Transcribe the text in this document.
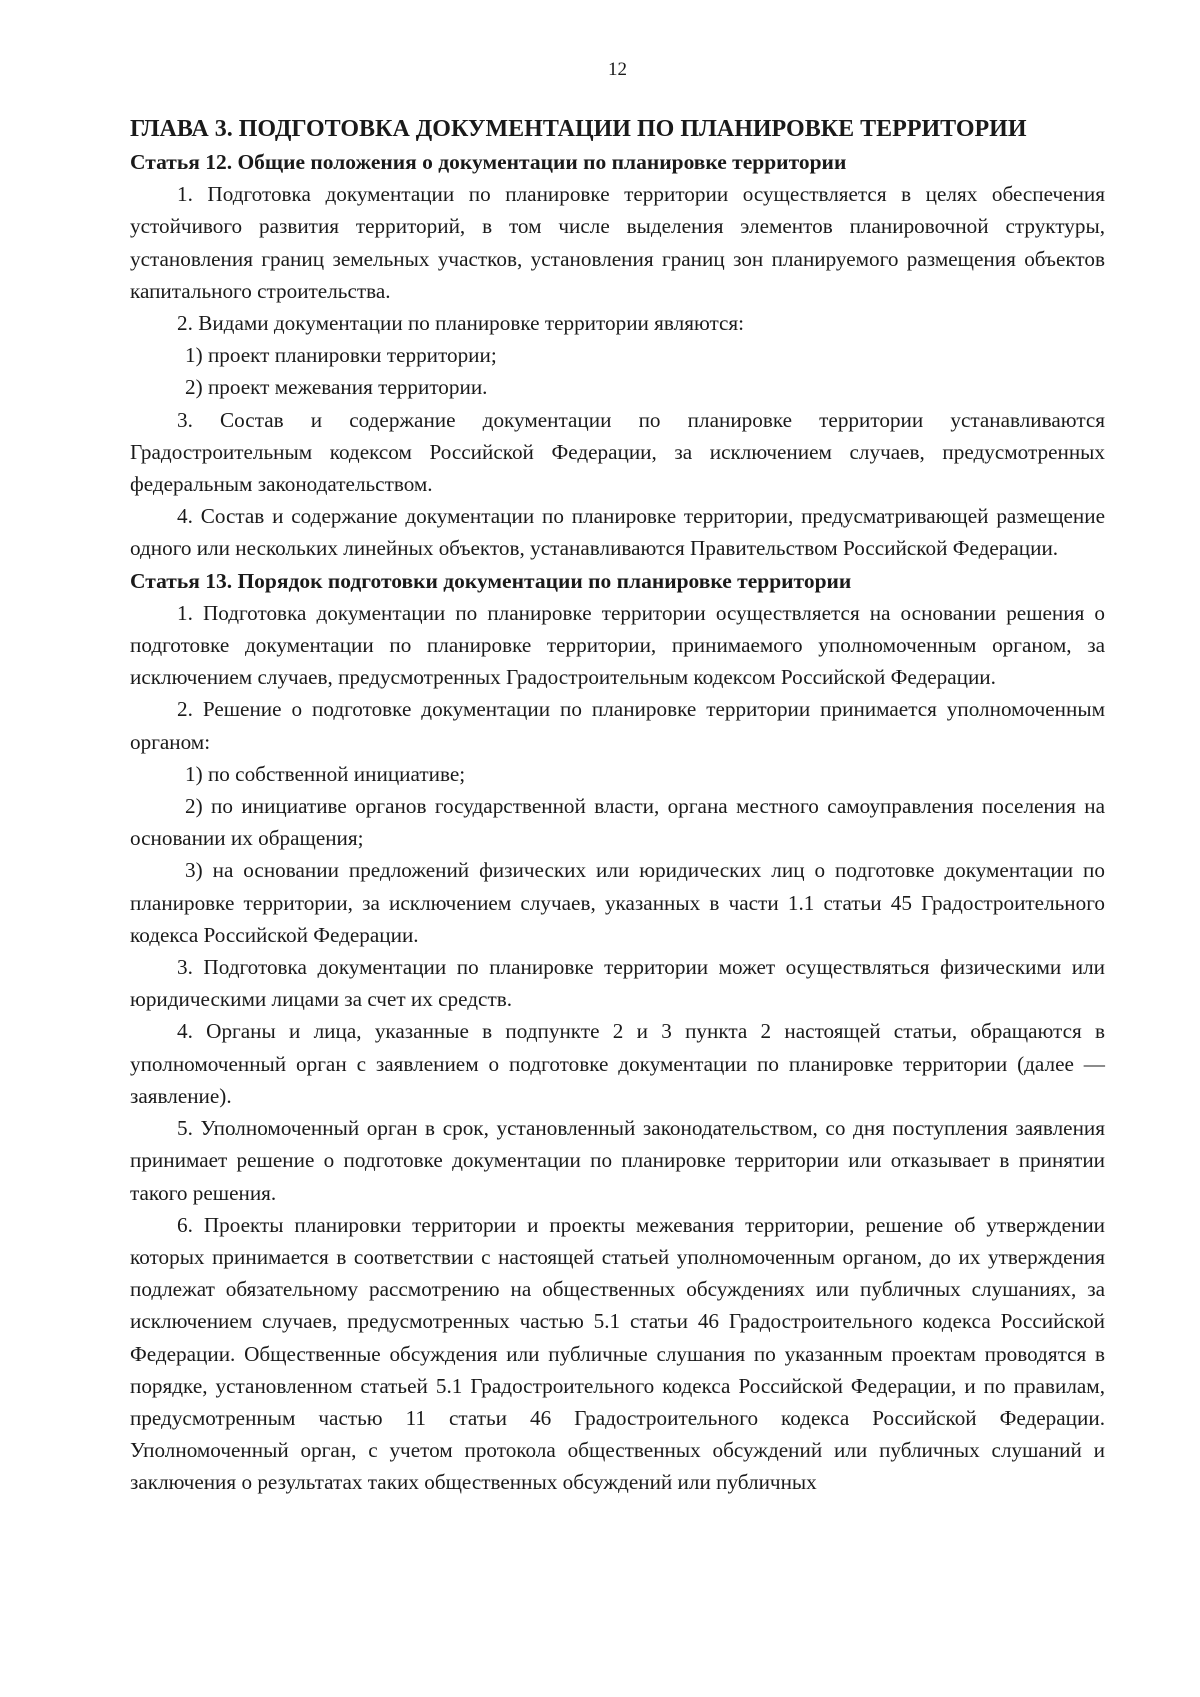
12
ГЛАВА 3. ПОДГОТОВКА ДОКУМЕНТАЦИИ ПО ПЛАНИРОВКЕ ТЕРРИТОРИИ
Статья 12. Общие положения о документации по планировке территории

1. Подготовка документации по планировке территории осуществляется в целях обеспечения устойчивого развития территорий, в том числе выделения элементов планировочной структуры, установления границ земельных участков, установления границ зон планируемого размещения объектов капитального строительства.

2. Видами документации по планировке территории являются:

1) проект планировки территории;

2) проект межевания территории.

3. Состав и содержание документации по планировке территории устанавливаются Градостроительным кодексом Российской Федерации, за исключением случаев, предусмотренных федеральным законодательством.

4. Состав и содержание документации по планировке территории, предусматривающей размещение одного или нескольких линейных объектов, устанавливаются Правительством Российской Федерации.

Статья 13. Порядок подготовки документации по планировке территории

1. Подготовка документации по планировке территории осуществляется на основании решения о подготовке документации по планировке территории, принимаемого уполномоченным органом, за исключением случаев, предусмотренных Градостроительным кодексом Российской Федерации.

2. Решение о подготовке документации по планировке территории принимается уполномоченным органом:

1) по собственной инициативе;

2) по инициативе органов государственной власти, органа местного самоуправления поселения на основании их обращения;

3) на основании предложений физических или юридических лиц о подготовке документации по планировке территории, за исключением случаев, указанных в части 1.1 статьи 45 Градостроительного кодекса Российской Федерации.

3. Подготовка документации по планировке территории может осуществляться физическими или юридическими лицами за счет их средств.

4. Органы и лица, указанные в подпункте 2 и 3 пункта 2 настоящей статьи, обращаются в уполномоченный орган с заявлением о подготовке документации по планировке территории (далее — заявление).

5. Уполномоченный орган в срок, установленный законодательством, со дня поступления заявления принимает решение о подготовке документации по планировке территории или отказывает в принятии такого решения.

6. Проекты планировки территории и проекты межевания территории, решение об утверждении которых принимается в соответствии с настоящей статьей уполномоченным органом, до их утверждения подлежат обязательному рассмотрению на общественных обсуждениях или публичных слушаниях, за исключением случаев, предусмотренных частью 5.1 статьи 46 Градостроительного кодекса Российской Федерации. Общественные обсуждения или публичные слушания по указанным проектам проводятся в порядке, установленном статьей 5.1 Градостроительного кодекса Российской Федерации, и по правилам, предусмотренным частью 11 статьи 46 Градостроительного кодекса Российской Федерации. Уполномоченный орган, с учетом протокола общественных обсуждений или публичных слушаний и заключения о результатах таких общественных обсуждений или публичных
